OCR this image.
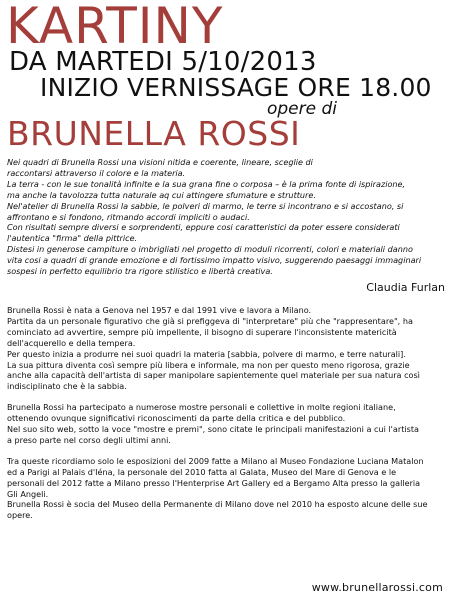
KARTINY
DA MARTEDI 5/10/2013
INIZIO VERNISSAGE ORE 18.00
opere di
BRUNELLA ROSSI

Nei quadri di Brunella Rossi una visioni nitida e coerente, lineare, sceglie di

raccontarsi attraverso il colore e la materia.

La terra - con le sue tonalità infinite e la sua grana fine o corposa – è la prima fonte di ispirazione,

ma anche la tavolozza tutta naturale aq cui attingere sfumature e strutture.

Nel'atelier di Brunella Rossi la sabbie, le polveri di marmo, le terre si incontrano e si accostano, si

affrontano e si fondono, ritmando accordi impliciti o audaci.

Con risultati sempre diversi e sorprendenti, eppure cosi caratteristici da poter essere considerati

l'autentica "firma" della pittrice.

Distesi in generose campiture o imbrigliati nel progetto di moduli ricorrenti, colori e materiali danno

vita cosi a quadri di grande emozione e di fortissimo impatto visivo, suggerendo paesaggi immaginari

sospesi in perfetto equilibrio tra rigore stilistico e libertà creativa.

Claudia Furlan

Brunella Rossi è nata a Genova nel 1957 e dal 1991 vive e lavora a Milano.

Partita da un personale figurativo che già si prefiggeva di "interpretare" più che "rappresentare", ha

cominciato ad avvertire, sempre più impellente, il bisogno di superare l'inconsistente matericità

dell'acquerello e della tempera.

Per questo inizia a produrre nei suoi quadri la materia [sabbia, polvere di marmo, e terre naturali].

La sua pittura diventa così sempre più libera e informale, ma non per questo meno rigorosa, grazie

anche alla capacità dell'artista di saper manipolare sapientemente quel materiale per sua natura così

indisciplinato che è la sabbia.

Brunella Rossi ha partecipato a numerose mostre personali e collettive in molte regioni italiane,

ottenendo ovunque significativi riconoscimenti da parte della critica e del pubblico.

Nel suo sito web, sotto la voce "mostre e premi", sono citate le principali manifestazioni a cui l'artista

a preso parte nel corso degli ultimi anni.

Tra queste ricordiamo solo le esposizioni del 2009 fatte a Milano al Museo Fondazione Luciana Matalon

ed a Parigi al Palais d'Iéna, la personale del 2010 fatta al Galata, Museo del Mare di Genova e le

personali del 2012 fatte a Milano presso l'Henterprise Art Gallery ed a Bergamo Alta presso la galleria

Gli Angeli.

Brunella Rossi è socia del Museo della Permanente di Milano dove nel 2010 ha esposto alcune delle sue

opere.

www.brunellarossi.com
